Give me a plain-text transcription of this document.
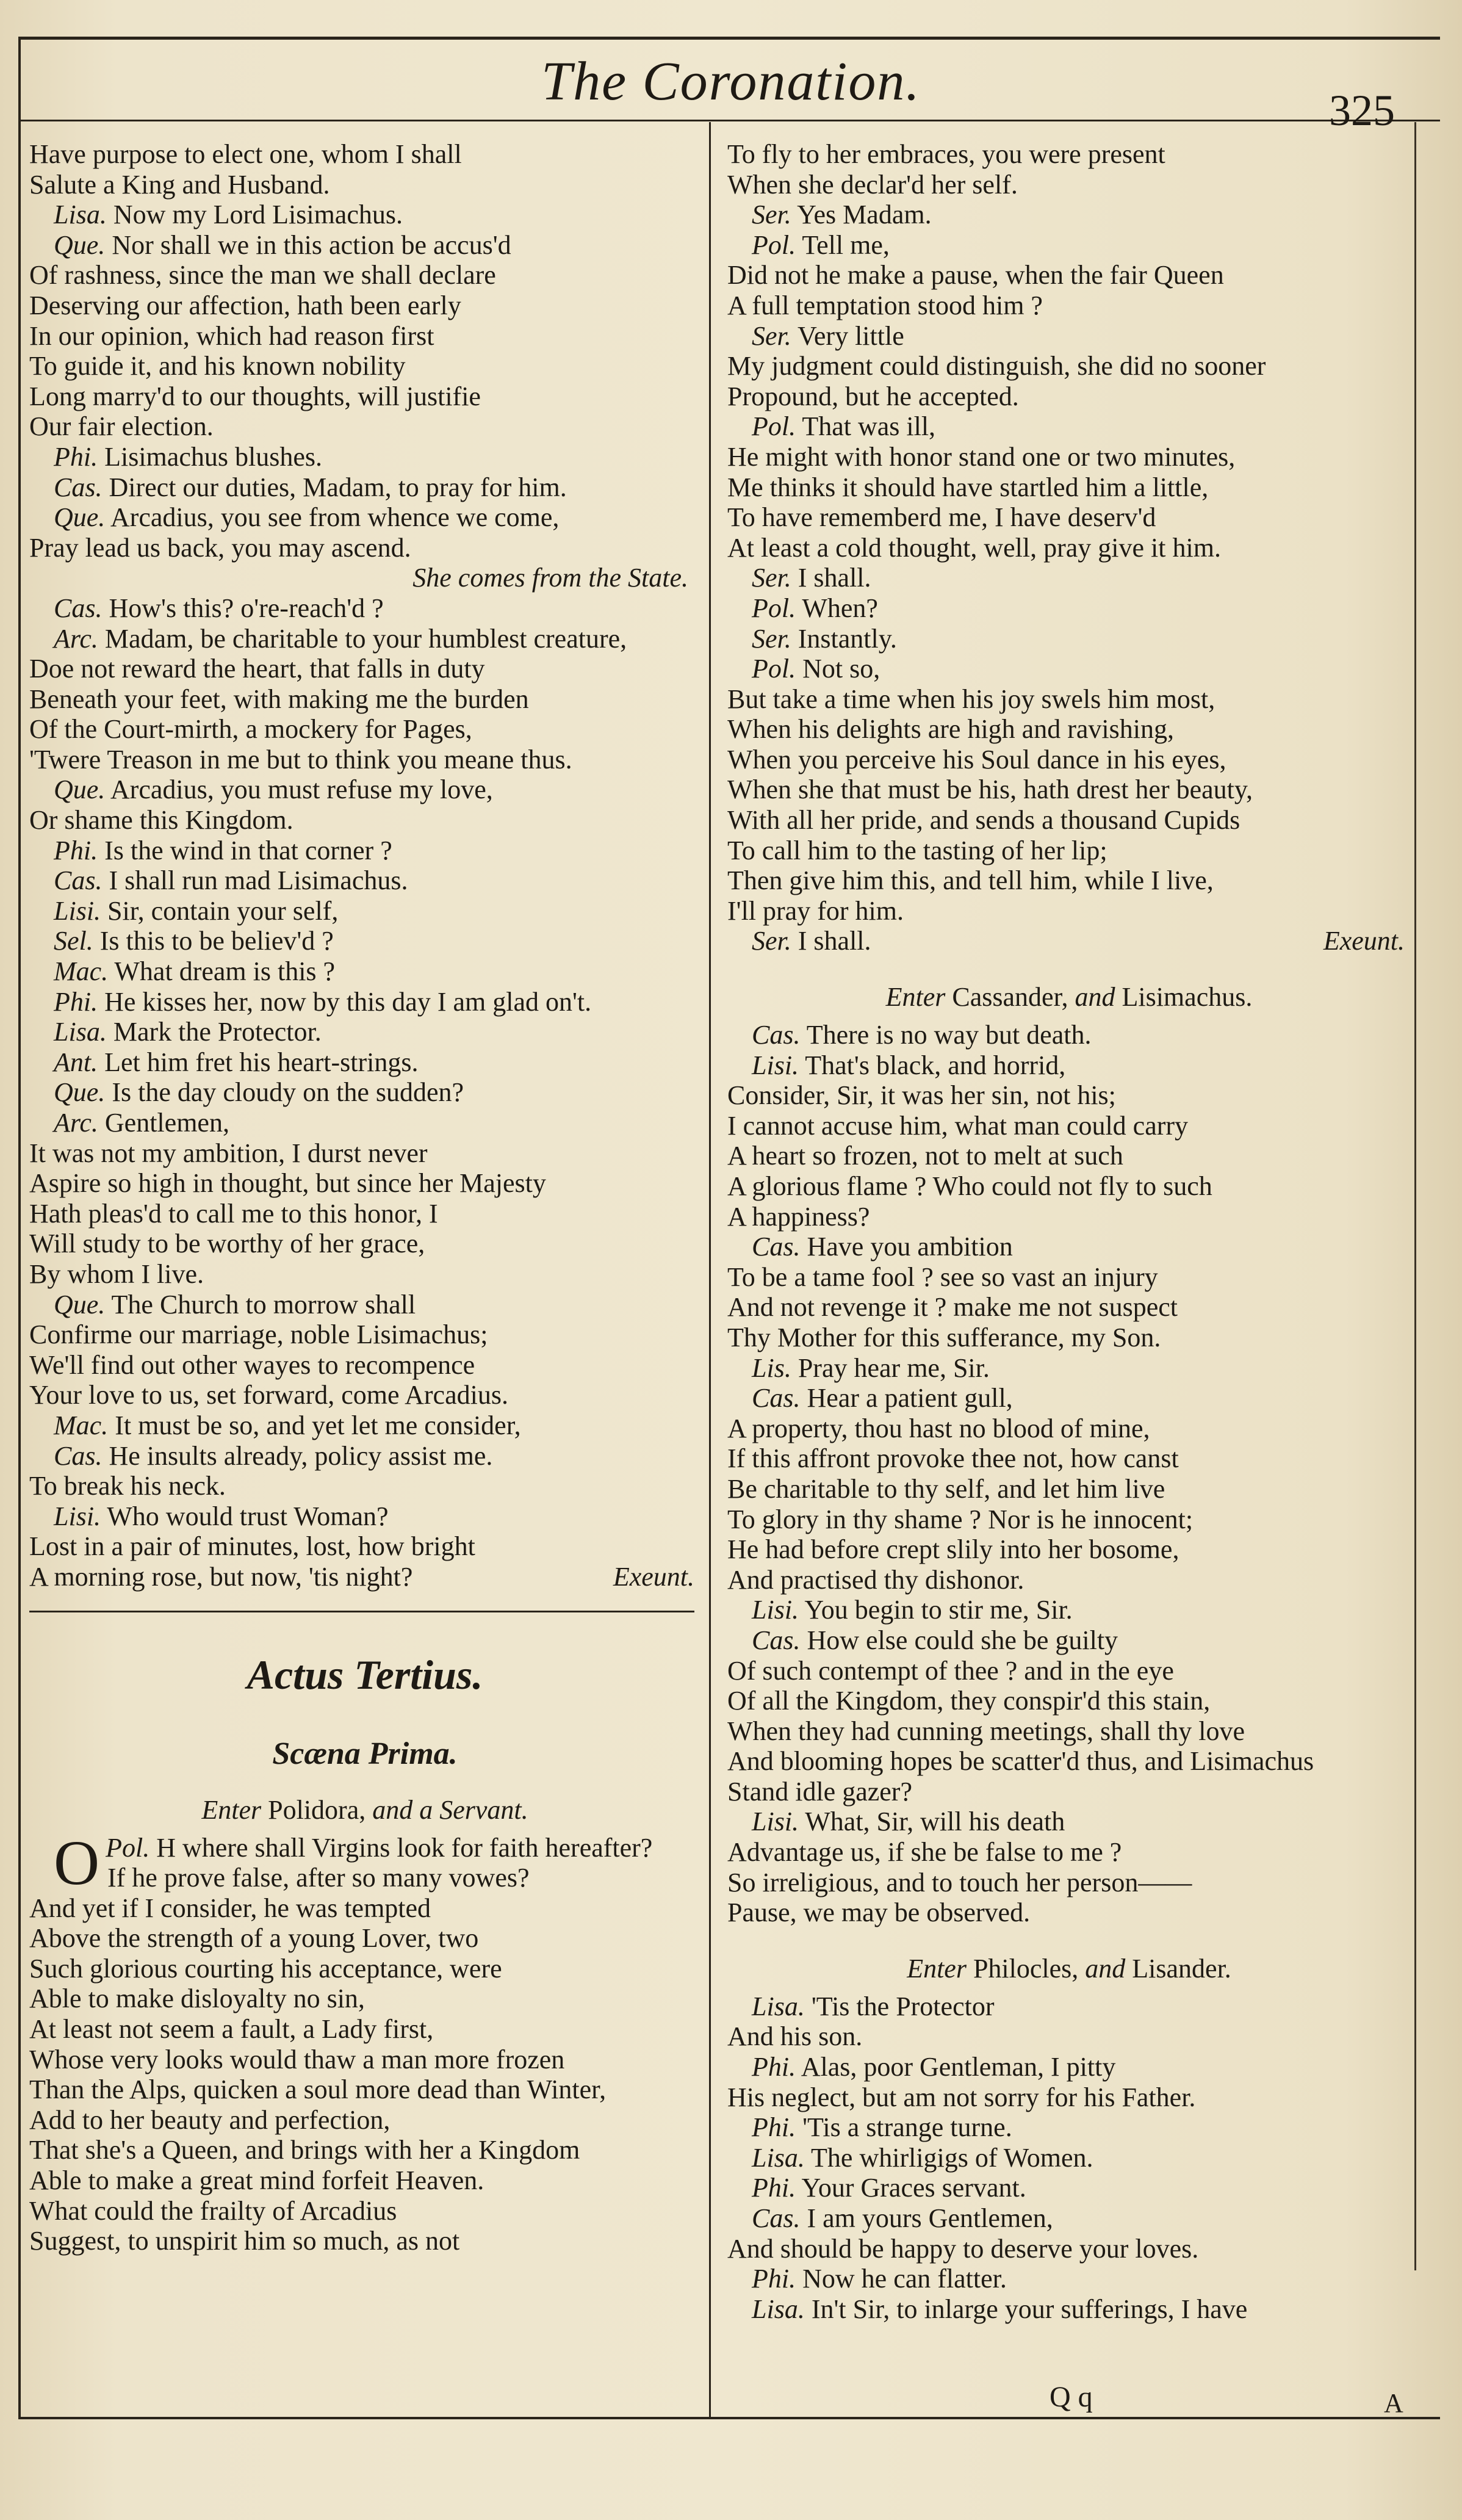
The Coronation.	325
Have purpose to elect one, whom I shall
Salute a King and Husband.
Lisa. Now my Lord Lisimachus.
Que. Nor shall we in this action be accus'd
Of rashness, since the man we shall declare
Deserving our affection, hath been early
In our opinion, which had reason first
To guide it, and his known nobility
Long marry'd to our thoughts, will justifie
Our fair election.
Phi. Lisimachus blushes.
Cas. Direct our duties, Madam, to pray for him.
Que. Arcadius, you see from whence we come,
Pray lead us back, you may ascend.
She comes from the State.
Cas. How's this? o're-reach'd ?
Arc. Madam, be charitable to your humblest creature,
Doe not reward the heart, that falls in duty
Beneath your feet, with making me the burden
Of the Court-mirth, a mockery for Pages,
'Twere Treason in me but to think you meane thus.
Que. Arcadius, you must refuse my love,
Or shame this Kingdom.
Phi. Is the wind in that corner ?
Cas. I shall run mad Lisimachus.
Lisi. Sir, contain your self,
Sel. Is this to be believ'd ?
Mac. What dream is this ?
Phi. He kisses her, now by this day I am glad on't.
Lisa. Mark the Protector.
Ant. Let him fret his heart-strings.
Que. Is the day cloudy on the sudden?
Arc. Gentlemen,
It was not my ambition, I durst never
Aspire so high in thought, but since her Majesty
Hath pleas'd to call me to this honor, I
Will study to be worthy of her grace,
By whom I live.
Que. The Church to morrow shall
Confirme our marriage, noble Lisimachus;
We'll find out other wayes to recompence
Your love to us, set forward, come Arcadius.
Mac. It must be so, and yet let me consider,
Cas. He insults already, policy assist me.
To break his neck.
Lisi. Who would trust Woman?
Lost in a pair of minutes, lost, how bright
A morning rose, but now, 'tis night?	Exeunt.
Actus Tertius.
Scæna Prima.
Enter Polidora, and a Servant.
Pol.
O H where shall Virgins look for faith hereafter?
If he prove false, after so many vowes?
And yet if I consider, he was tempted
Above the strength of a young Lover, two
Such glorious courting his acceptance, were
Able to make disloyalty no sin,
At least not seem a fault, a Lady first,
Whose very looks would thaw a man more frozen
Than the Alps, quicken a soul more dead than Winter,
Add to her beauty and perfection,
That she's a Queen, and brings with her a Kingdom
Able to make a great mind forfeit Heaven.
What could the frailty of Arcadius
Suggest, to unspirit him so much, as not
To fly to her embraces, you were present
When she declar'd her self.
Ser. Yes Madam.
Pol. Tell me,
Did not he make a pause, when the fair Queen
A full temptation stood him ?
Ser. Very little
My judgment could distinguish, she did no sooner
Propound, but he accepted.
Pol. That was ill,
He might with honor stand one or two minutes,
Me thinks it should have startled him a little,
To have rememberd me, I have deserv'd
At least a cold thought, well, pray give it him.
Ser. I shall.
Pol. When?
Ser. Instantly.
Pol. Not so,
But take a time when his joy swels him most,
When his delights are high and ravishing,
When you perceive his Soul dance in his eyes,
When she that must be his, hath drest her beauty,
With all her pride, and sends a thousand Cupids
To call him to the tasting of her lip;
Then give him this, and tell him, while I live,
I'll pray for him.
Ser. I shall.	Exeunt.
Enter Cassander, and Lisimachus.
Cas. There is no way but death.
Lisi. That's black, and horrid,
Consider, Sir, it was her sin, not his;
I cannot accuse him, what man could carry
A heart so frozen, not to melt at such
A glorious flame ? Who could not fly to such
A happiness?
Cas. Have you ambition
To be a tame fool ? see so vast an injury
And not revenge it ? make me not suspect
Thy Mother for this sufferance, my Son.
Lis. Pray hear me, Sir.
Cas. Hear a patient gull,
A property, thou hast no blood of mine,
If this affront provoke thee not, how canst
Be charitable to thy self, and let him live
To glory in thy shame ? Nor is he innocent;
He had before crept slily into her bosome,
And practised thy dishonor.
Lisi. You begin to stir me, Sir.
Cas. How else could she be guilty
Of such contempt of thee ? and in the eye
Of all the Kingdom, they conspir'd this stain,
When they had cunning meetings, shall thy love
And blooming hopes be scatter'd thus, and Lisimachus
Stand idle gazer?
Lisi. What, Sir, will his death
Advantage us, if she be false to me ?
So irreligious, and to touch her person——
Pause, we may be observed.
Enter Philocles, and Lisander.
Lisa. 'Tis the Protector
And his son.
Phi. Alas, poor Gentleman, I pitty
His neglect, but am not sorry for his Father.
Phi. 'Tis a strange turne.
Lisa. The whirligigs of Women.
Phi. Your Graces servant.
Cas. I am yours Gentlemen,
And should be happy to deserve your loves.
Phi. Now he can flatter.
Lisa. In't Sir, to inlarge your sufferings, I have
Q q	A
